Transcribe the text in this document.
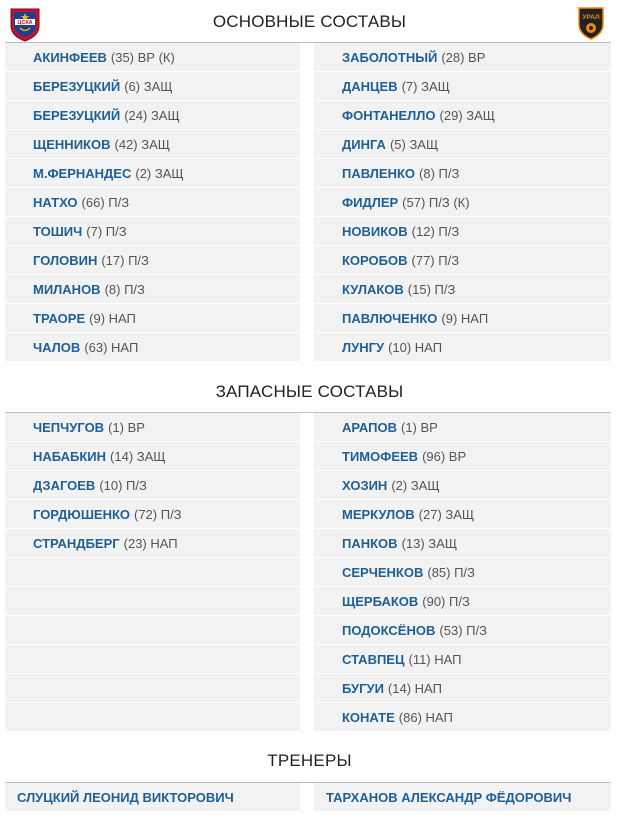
ЦСКА
УРАЛ
ОСНОВНЫЕ СОСТАВЫ
АКИНФЕЕВ (35) ВР (К)
БЕРЕЗУЦКИЙ (6) ЗАЩ
БЕРЕЗУЦКИЙ (24) ЗАЩ
ЩЕННИКОВ (42) ЗАЩ
М.ФЕРНАНДЕС (2) ЗАЩ
НАТХО (66) П/З
ТОШИЧ (7) П/З
ГОЛОВИН (17) П/З
МИЛАНОВ (8) П/З
ТРАОРЕ (9) НАП
ЧАЛОВ (63) НАП
ЗАБОЛОТНЫЙ (28) ВР
ДАНЦЕВ (7) ЗАЩ
ФОНТАНЕЛЛО (29) ЗАЩ
ДИНГА (5) ЗАЩ
ПАВЛЕНКО (8) П/З
ФИДЛЕР (57) П/З (К)
НОВИКОВ (12) П/З
КОРОБОВ (77) П/З
КУЛАКОВ (15) П/З
ПАВЛЮЧЕНКО (9) НАП
ЛУНГУ (10) НАП
ЗАПАСНЫЕ СОСТАВЫ
ЧЕПЧУГОВ (1) ВР
НАБАБКИН (14) ЗАЩ
ДЗАГОЕВ (10) П/З
ГОРДЮШЕНКО (72) П/З
СТРАНДБЕРГ (23) НАП
АРАПОВ (1) ВР
ТИМОФЕЕВ (96) ВР
ХОЗИН (2) ЗАЩ
МЕРКУЛОВ (27) ЗАЩ
ПАНКОВ (13) ЗАЩ
СЕРЧЕНКОВ (85) П/З
ЩЕРБАКОВ (90) П/З
ПОДОКСЁНОВ (53) П/З
СТАВПЕЦ (11) НАП
БУГУИ (14) НАП
КОНАТЕ (86) НАП
ТРЕНЕРЫ
СЛУЦКИЙ ЛЕОНИД ВИКТОРОВИЧ	ТАРХАНОВ АЛЕКСАНДР ФЁДОРОВИЧ
